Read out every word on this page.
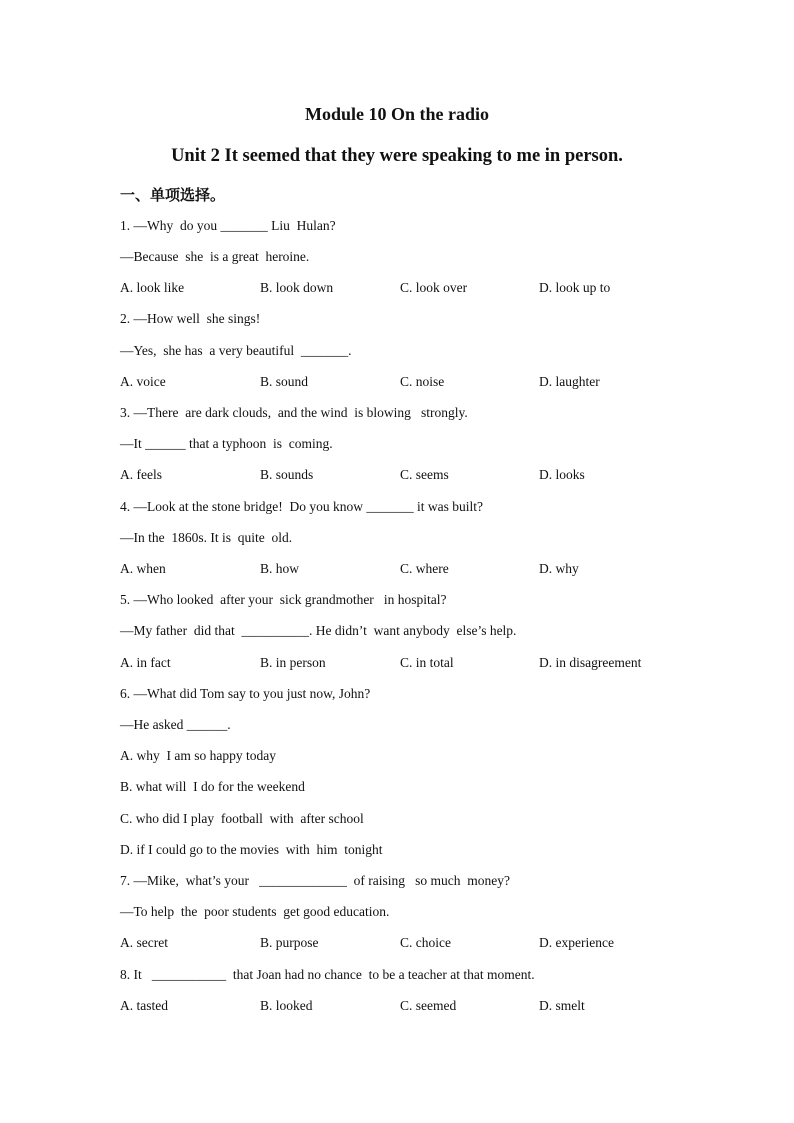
Module 10 On the radio
Unit 2 It seemed that they were speaking to me in person.
一、单项选择。
1. —Why  do you _______ Liu  Hulan?
—Because  she  is a great  heroine.
A. look like	B. look down	C. look over	D. look up to
2. —How well  she sings!
—Yes,  she has  a very beautiful  _______.
A. voice	B. sound	C. noise	D. laughter
3. —There  are dark clouds,  and the wind  is blowing   strongly.
—It ______ that a typhoon  is  coming.
A. feels	B. sounds	C. seems	D. looks
4. —Look at the stone bridge!  Do you know _______ it was built?
—In the  1860s. It is  quite  old.
A. when	B. how	C. where	D. why
5. —Who looked  after your  sick grandmother   in hospital?
—My father  did that  __________. He didn’t  want anybody  else’s help.
A. in fact	B. in person	C. in total	D. in disagreement
6. —What did Tom say to you just now, John?
—He asked ______.
A. why  I am so happy today
B. what will  I do for the weekend
C. who did I play  football  with  after school
D. if I could go to the movies  with  him  tonight
7. —Mike,  what’s your   _____________  of raising   so much  money?
—To help  the  poor students  get good education.
A. secret	B. purpose	C. choice	D. experience
8. It   ___________  that Joan had no chance  to be a teacher at that moment.
A. tasted	B. looked	C. seemed	D. smelt
